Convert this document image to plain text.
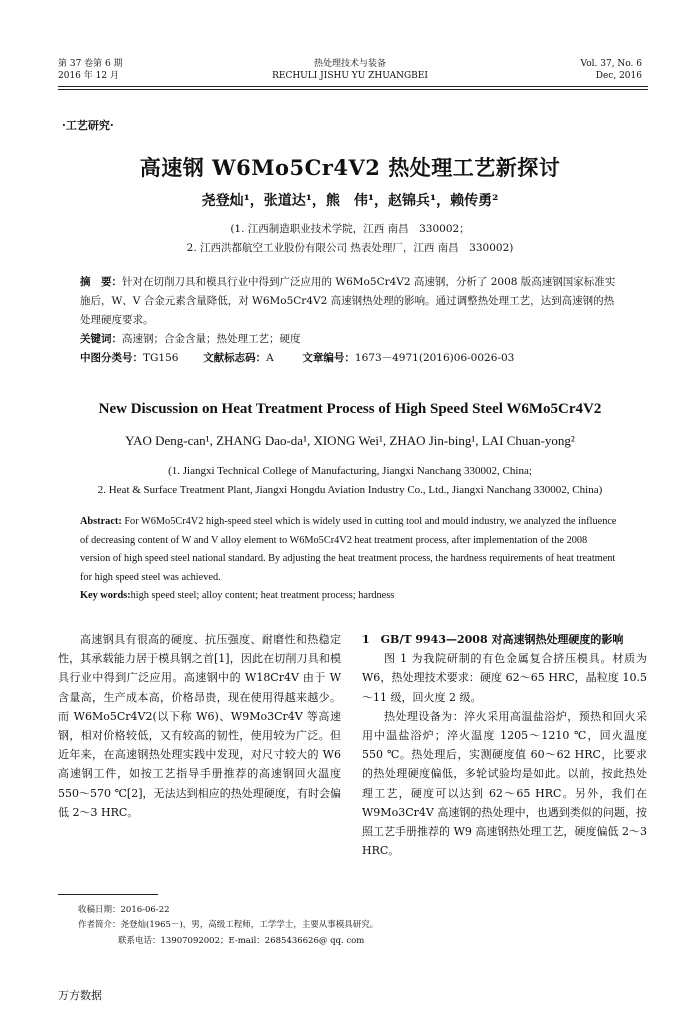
第 37 卷第 6 期
2016 年 12 月
热处理技术与装备
RECHULI JISHU YU ZHUANGBEI
Vol. 37, No. 6
Dec, 2016
·工艺研究·
高速钢 W6Mo5Cr4V2 热处理工艺新探讨
尧登灿¹，张道达¹，熊　伟¹，赵锦兵¹，赖传勇²
(1. 江西制造职业技术学院，江西 南昌　330002；
2. 江西洪都航空工业股份有限公司 热表处理厂，江西 南昌　330002)
摘　要：针对在切削刀具和模具行业中得到广泛应用的 W6Mo5Cr4V2 高速钢，分析了 2008 版高速钢国家标准实施后，W、V 合金元素含量降低，对 W6Mo5Cr4V2 高速钢热处理的影响。通过调整热处理工艺，达到高速钢的热处理硬度要求。
关键词：高速钢；合金含量；热处理工艺；硬度
中图分类号：TG156 文献标志码：A	文章编号：1673－4971(2016)06-0026-03
New Discussion on Heat Treatment Process of High Speed Steel W6Mo5Cr4V2
YAO Deng-can¹, ZHANG Dao-da¹, XIONG Wei¹, ZHAO Jin-bing¹, LAI Chuan-yong²
(1. Jiangxi Technical College of Manufacturing, Jiangxi Nanchang 330002, China;
2. Heat & Surface Treatment Plant, Jiangxi Hongdu Aviation Industry Co., Ltd., Jiangxi Nanchang 330002, China)
Abstract: For W6Mo5Cr4V2 high-speed steel which is widely used in cutting tool and mould industry, we analyzed the influence of decreasing content of W and V alloy element to W6Mo5Cr4V2 heat treatment process, after implementation of the 2008 version of high speed steel national standard. By adjusting the heat treatment process, the hardness requirements of heat treatment for high speed steel was achieved.
Key words:high speed steel; alloy content; heat treatment process; hardness

高速钢具有很高的硬度、抗压强度、耐磨性和热稳定性，其承载能力居于模具钢之首[1]，因此在切削刀具和模具行业中得到广泛应用。高速钢中的 W18Cr4V 由于 W 含量高，生产成本高，价格昂贵，现在使用得越来越少。而 W6Mo5Cr4V2(以下称 W6)、W9Mo3Cr4V 等高速钢，相对价格较低，又有较高的韧性，使用较为广泛。但近年来，在高速钢热处理实践中发现，对尺寸较大的 W6 高速钢工件，如按工艺指导手册推荐的高速钢回火温度 550～570 ℃[2]，无法达到相应的热处理硬度，有时会偏低 2～3 HRC。

1　GB/T 9943—2008 对高速钢热处理硬度的影响

图 1 为我院研制的有色金属复合挤压模具。材质为 W6，热处理技术要求：硬度 62～65 HRC，晶粒度 10.5～11 级，回火度 2 级。

热处理设备为：淬火采用高温盐浴炉，预热和回火采用中温盐浴炉；淬火温度 1205～1210 ℃，回火温度 550 ℃。热处理后，实测硬度值 60～62 HRC，比要求的热处理硬度偏低，多轮试验均是如此。以前，按此热处理工艺，硬度可以达到 62～65 HRC。另外，我们在 W9Mo3Cr4V 高速钢的热处理中，也遇到类似的问题，按照工艺手册推荐的 W9 高速钢热处理工艺，硬度偏低 2～3 HRC。

收稿日期：2016-06-22
作者简介：尧登灿(1965－)，男，高级工程师，工学学士，主要从事模具研究。
联系电话：13907092002；E-mail：2685436626@ qq. com
万方数据
